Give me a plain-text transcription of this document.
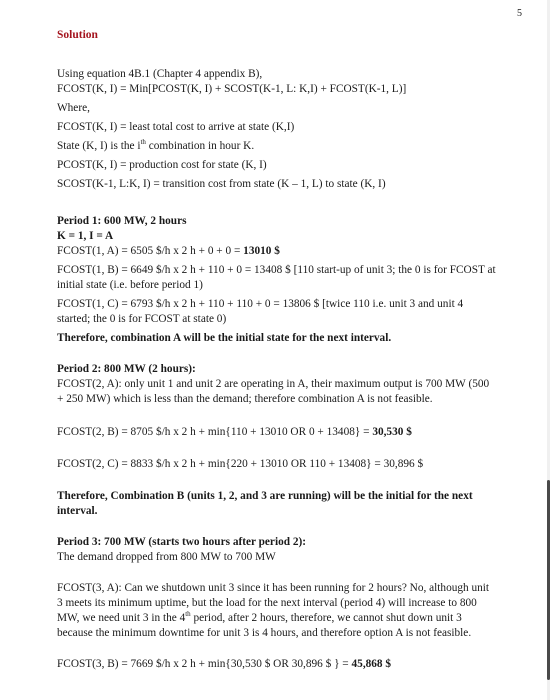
5

Solution

Using equation 4B.1 (Chapter 4 appendix B),

FCOST(K, I) = Min[PCOST(K, I) + SCOST(K-1, L: K,I) + FCOST(K-1, L)]

Where,

FCOST(K, I) = least total cost to arrive at state (K,I)

State (K, I) is the $i^{th}$ combination in hour K.

PCOST(K, I) = production cost for state (K, I)

SCOST(K-1, L:K, I) = transition cost from state (K – 1, L) to state (K, I)

Period 1: 600 MW, 2 hours

K = 1, I = A

FCOST(1, A) = 6505 $/h x 2 h + 0 + 0 = 13010 $

FCOST(1, B) = 6649 $/h x 2 h + 110 + 0 = 13408 $ [110 start-up of unit 3; the 0 is for FCOST at initial state (i.e. before period 1)

FCOST(1, C) = 6793 $/h x 2 h + 110 + 110 + 0 = 13806 $ [twice 110 i.e. unit 3 and unit 4 started; the 0 is for FCOST at state 0)

Therefore, combination A will be the initial state for the next interval.

Period 2: 800 MW (2 hours):

FCOST(2, A): only unit 1 and unit 2 are operating in A, their maximum output is 700 MW (500 + 250 MW) which is less than the demand; therefore combination A is not feasible.

FCOST(2, B) = 8705 $/h x 2 h + min{110 + 13010 OR 0 + 13408} = 30,530 $

FCOST(2, C) = 8833 $/h x 2 h + min{220 + 13010 OR 110 + 13408} = 30,896 $

Therefore, Combination B (units 1, 2, and 3 are running) will be the initial for the next interval.

Period 3: 700 MW (starts two hours after period 2):

The demand dropped from 800 MW to 700 MW

FCOST(3, A): Can we shutdown unit 3 since it has been running for 2 hours? No, although unit 3 meets its minimum uptime, but the load for the next interval (period 4) will increase to 800 MW, we need unit 3 in the 4th period, after 2 hours, therefore, we cannot shut down unit 3 because the minimum downtime for unit 3 is 4 hours, and therefore option A is not feasible.

FCOST(3, B) = 7669 $/h x 2 h + min{30,530 $ OR 30,896 $ } = 45,868 $
